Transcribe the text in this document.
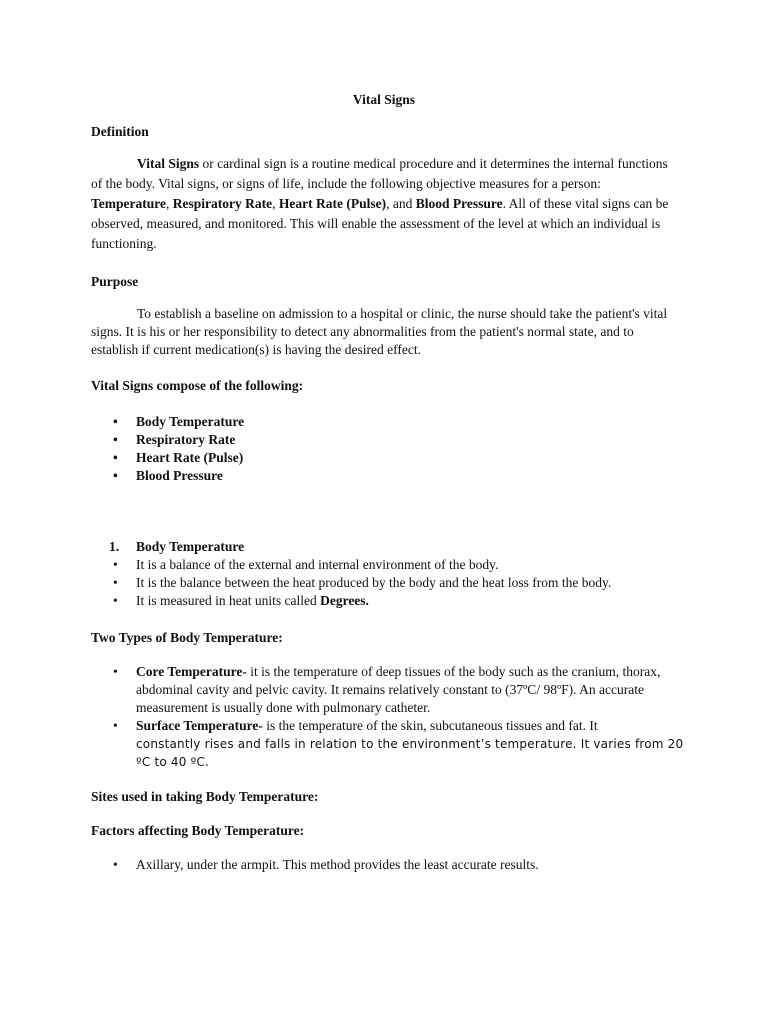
Vital Signs
Definition

Vital Signs or cardinal sign is a routine medical procedure and it determines the internal functions of the body. Vital signs, or signs of life, include the following objective measures for a person: Temperature, Respiratory Rate, Heart Rate (Pulse), and Blood Pressure. All of these vital signs can be observed, measured, and monitored. This will enable the assessment of the level at which an individual is functioning.

Purpose

To establish a baseline on admission to a hospital or clinic, the nurse should take the patient's vital signs. It is his or her responsibility to detect any abnormalities from the patient's normal state, and to establish if current medication(s) is having the desired effect.

Vital Signs compose of the following:
• Body Temperature
• Respiratory Rate
• Heart Rate (Pulse)
• Blood Pressure
1. Body Temperature
• It is a balance of the external and internal environment of the body.
• It is the balance between the heat produced by the body and the heat loss from the body.
• It is measured in heat units called Degrees.
Two Types of Body Temperature:
• Core Temperature- it is the temperature of deep tissues of the body such as the cranium, thorax, abdominal cavity and pelvic cavity. It remains relatively constant to (37ºC/ 98ºF). An accurate measurement is usually done with pulmonary catheter.
• Surface Temperature- is the temperature of the skin, subcutaneous tissues and fat. It
constantly rises and falls in relation to the environment’s temperature. It varies from 20 ºC to 40 ºC.
Sites used in taking Body Temperature:
Factors affecting Body Temperature:
• Axillary, under the armpit. This method provides the least accurate results.
